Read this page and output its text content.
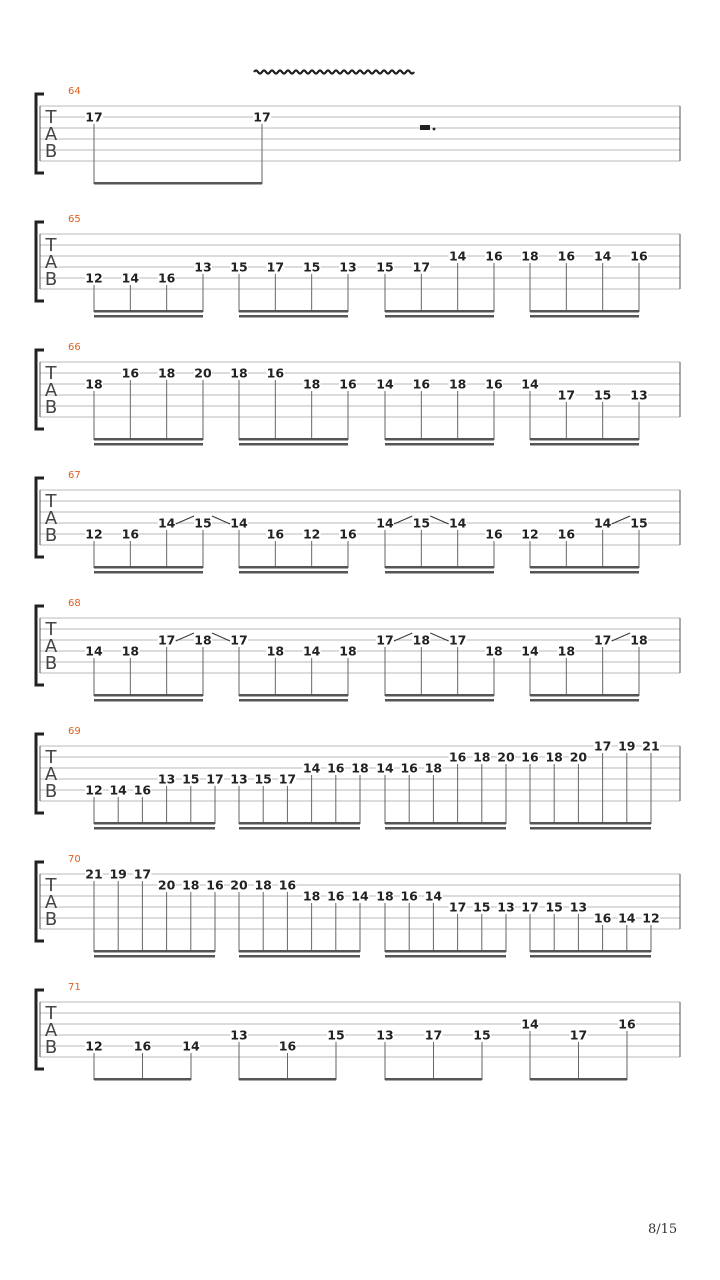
64
T
A
B
17	17
65
T
A
B 12 14 16
13 15 17 15 13 15 17
14 16 18 16 14 16
66
T
A
B
18
16 18 20 18 16
18 16 14 16 18 16 14
17 15 13
67
T
A
B 12 16
14 15 14
16 12 16
14 15 14
16 12 16
14 15
68
T
A
B
14 18
17 18 17
18 14 18
17 18 17
18 14 18
17 18
69
T
A
B 12 14 16
13 15 17 13 15 17
14 16 18 14 16 18
16 18 20 16 18 20
17 19 21
70
T
A
B
21 19 17
20 18 16 20 18 16
18 16 14 18 16 14
17 15 13 17 15 13
16 14 12
71
T
A
B 12 16 14
13
16
15	13 17 15
14
17
16
8/15
